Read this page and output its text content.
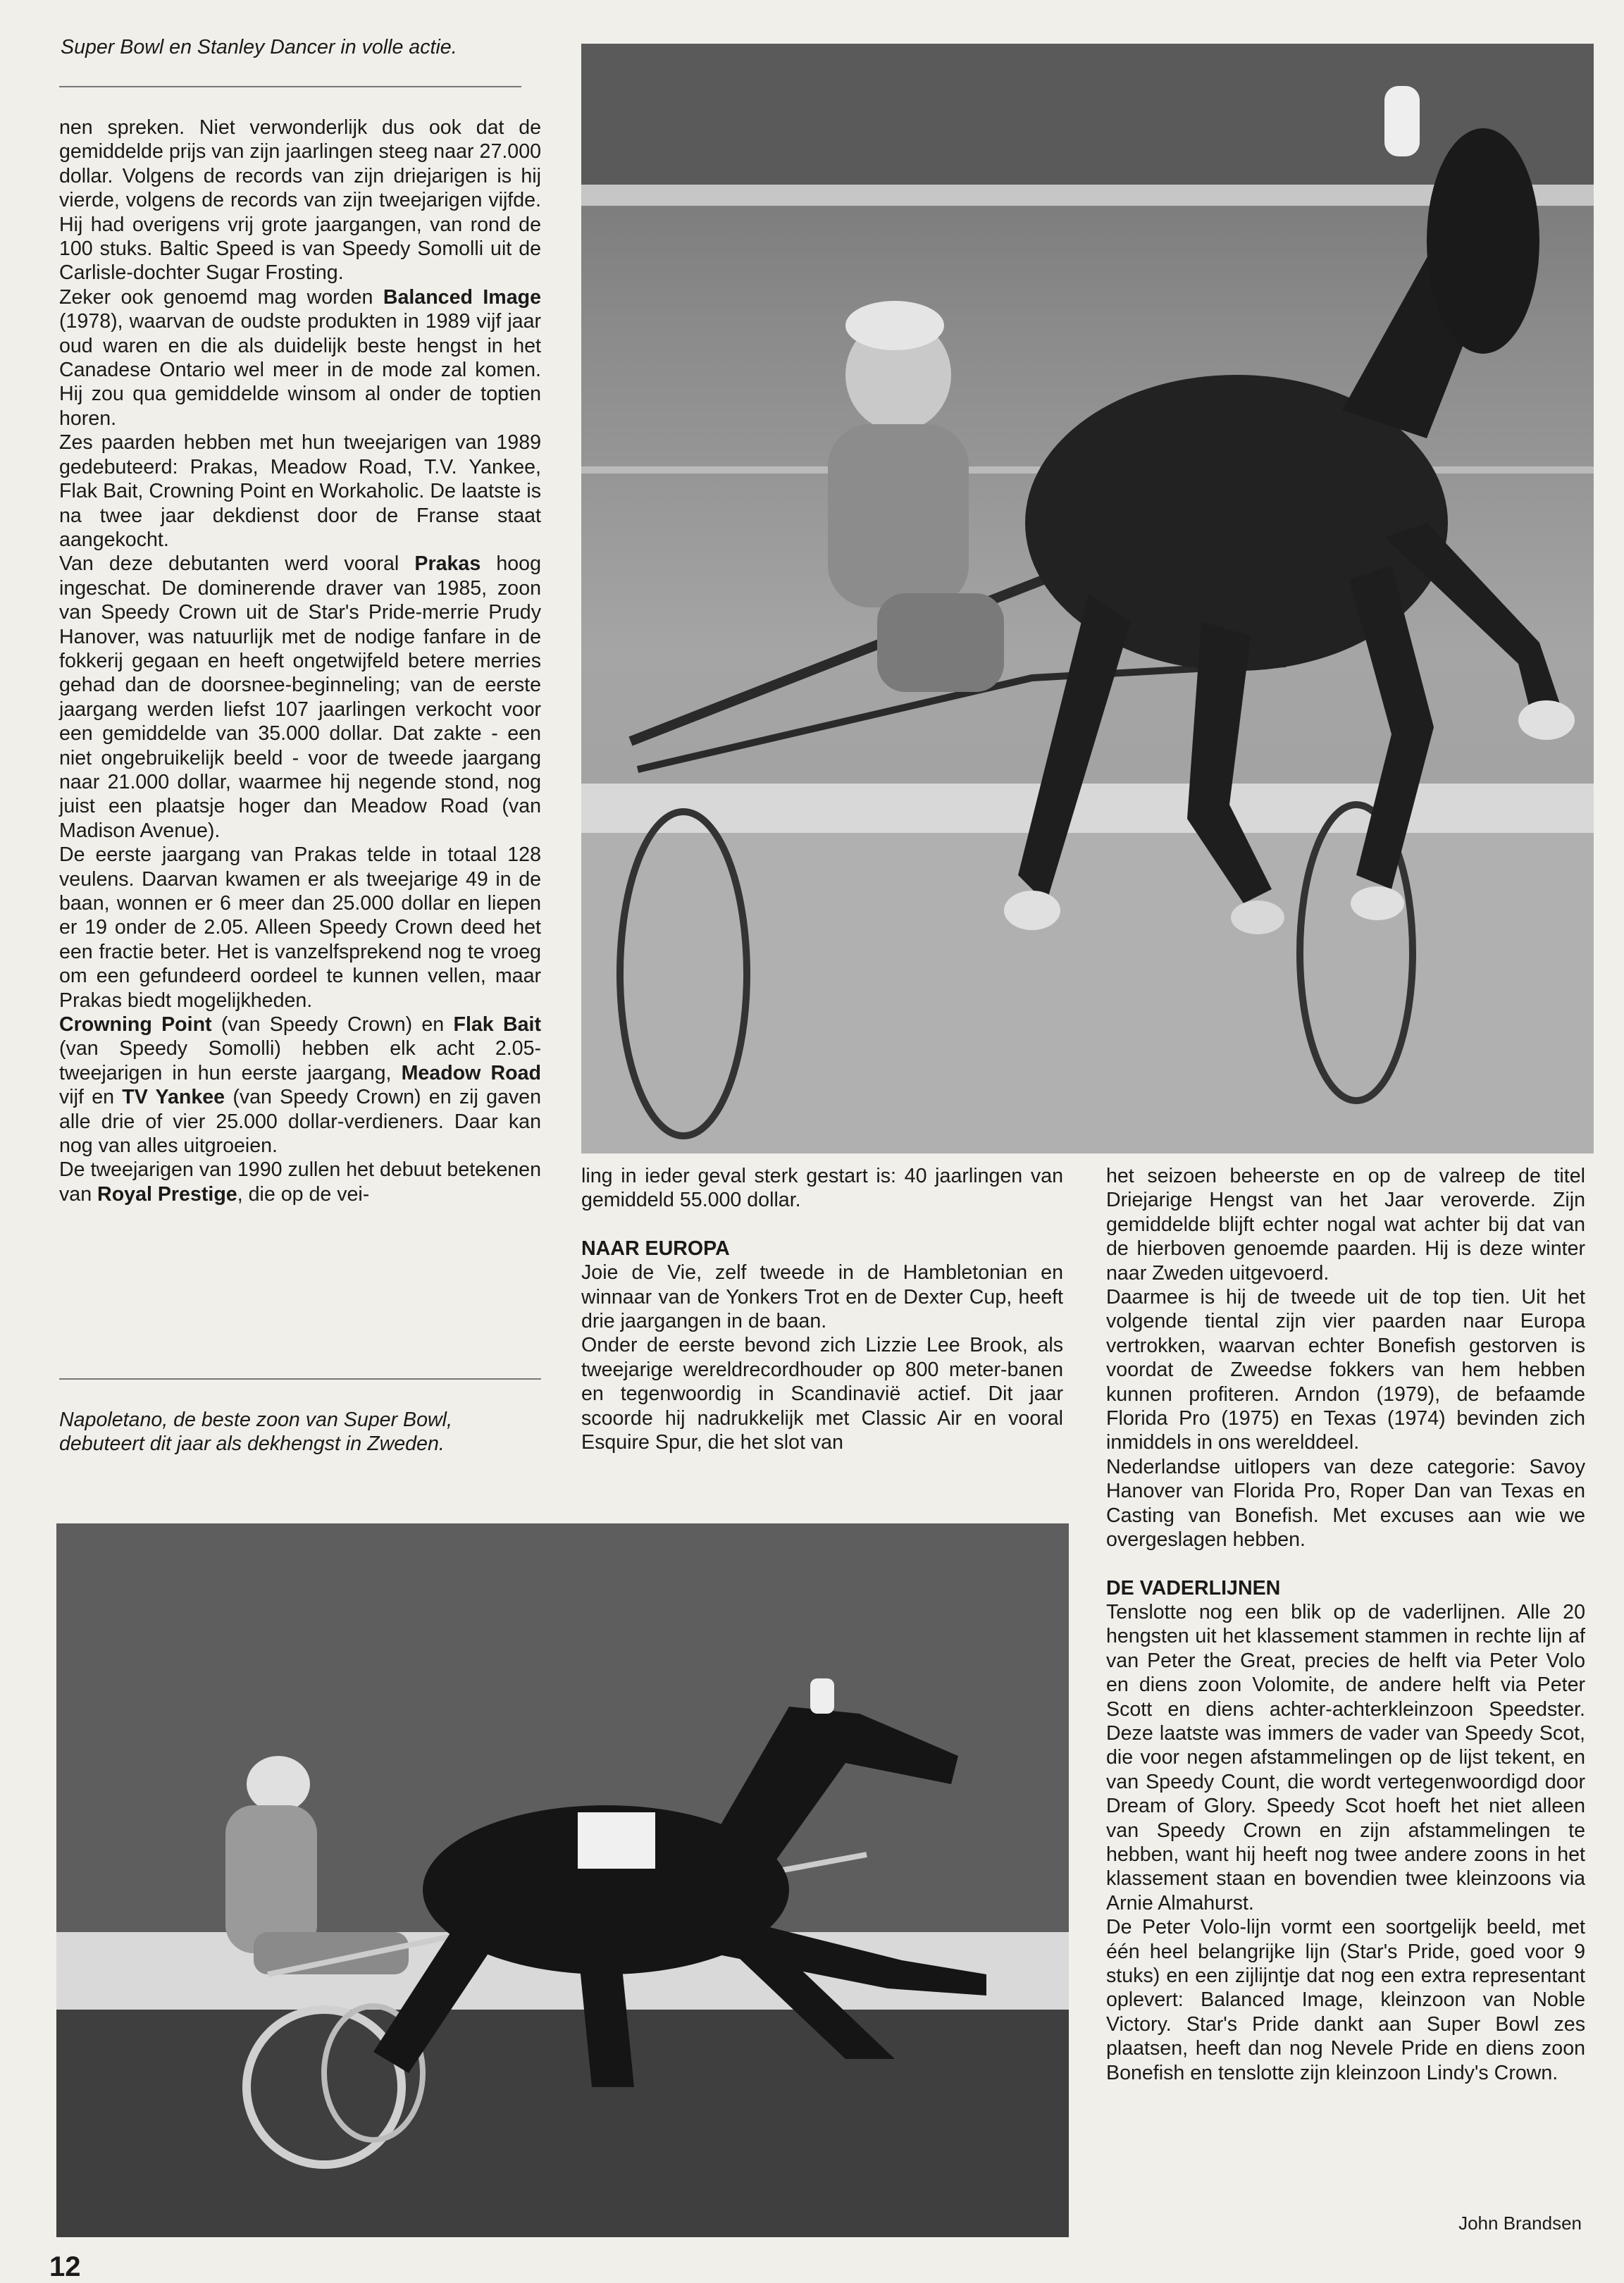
Super Bowl en Stanley Dancer in volle actie.

nen spreken. Niet verwonderlijk dus ook dat de gemiddelde prijs van zijn jaarlingen steeg naar 27.000 dollar. Volgens de records van zijn driejarigen is hij vierde, volgens de records van zijn tweejarigen vijfde. Hij had overigens vrij grote jaargangen, van rond de 100 stuks. Baltic Speed is van Speedy Somolli uit de Carlisle-dochter Sugar Frosting.

Zeker ook genoemd mag worden Balanced Image (1978), waarvan de oudste produkten in 1989 vijf jaar oud waren en die als duidelijk beste hengst in het Canadese Ontario wel meer in de mode zal komen. Hij zou qua gemiddelde winsom al onder de toptien horen.

Zes paarden hebben met hun tweejarigen van 1989 gedebuteerd: Prakas, Meadow Road, T.V. Yankee, Flak Bait, Crowning Point en Workaholic. De laatste is na twee jaar dekdienst door de Franse staat aangekocht.

Van deze debutanten werd vooral Prakas hoog ingeschat. De dominerende draver van 1985, zoon van Speedy Crown uit de Star's Pride-merrie Prudy Hanover, was natuurlijk met de nodige fanfare in de fokkerij gegaan en heeft ongetwijfeld betere merries gehad dan de doorsnee-beginneling; van de eerste jaargang werden liefst 107 jaarlingen verkocht voor een gemiddelde van 35.000 dollar. Dat zakte - een niet ongebruikelijk beeld - voor de tweede jaargang naar 21.000 dollar, waarmee hij negende stond, nog juist een plaatsje hoger dan Meadow Road (van Madison Avenue).

De eerste jaargang van Prakas telde in totaal 128 veulens. Daarvan kwamen er als tweejarige 49 in de baan, wonnen er 6 meer dan 25.000 dollar en liepen er 19 onder de 2.05. Alleen Speedy Crown deed het een fractie beter. Het is vanzelfsprekend nog te vroeg om een gefundeerd oordeel te kunnen vellen, maar Prakas biedt mogelijkheden.

Crowning Point (van Speedy Crown) en Flak Bait (van Speedy Somolli) hebben elk acht 2.05-tweejarigen in hun eerste jaargang, Meadow Road vijf en TV Yankee (van Speedy Crown) en zij gaven alle drie of vier 25.000 dollar-verdieners. Daar kan nog van alles uitgroeien.

De tweejarigen van 1990 zullen het debuut betekenen van Royal Prestige, die op de vei-

Napoletano, de beste zoon van Super Bowl,
debuteert dit jaar als dekhengst in Zweden.

ling in ieder geval sterk gestart is: 40 jaarlingen van gemiddeld 55.000 dollar.

NAAR EUROPA

Joie de Vie, zelf tweede in de Hambletonian en winnaar van de Yonkers Trot en de Dexter Cup, heeft drie jaargangen in de baan.

Onder de eerste bevond zich Lizzie Lee Brook, als tweejarige wereldrecordhouder op 800 meter-banen en tegenwoordig in Scandinavië actief. Dit jaar scoorde hij nadrukkelijk met Classic Air en vooral Esquire Spur, die het slot van

het seizoen beheerste en op de valreep de titel Driejarige Hengst van het Jaar veroverde. Zijn gemiddelde blijft echter nogal wat achter bij dat van de hierboven genoemde paarden. Hij is deze winter naar Zweden uitgevoerd.

Daarmee is hij de tweede uit de top tien. Uit het volgende tiental zijn vier paarden naar Europa vertrokken, waarvan echter Bonefish gestorven is voordat de Zweedse fokkers van hem hebben kunnen profiteren. Arndon (1979), de befaamde Florida Pro (1975) en Texas (1974) bevinden zich inmiddels in ons werelddeel.

Nederlandse uitlopers van deze categorie: Savoy Hanover van Florida Pro, Roper Dan van Texas en Casting van Bonefish. Met excuses aan wie we overgeslagen hebben.

DE VADERLIJNEN

Tenslotte nog een blik op de vaderlijnen. Alle 20 hengsten uit het klassement stammen in rechte lijn af van Peter the Great, precies de helft via Peter Volo en diens zoon Volomite, de andere helft via Peter Scott en diens achter-achterkleinzoon Speedster. Deze laatste was immers de vader van Speedy Scot, die voor negen afstammelingen op de lijst tekent, en van Speedy Count, die wordt vertegenwoordigd door Dream of Glory. Speedy Scot hoeft het niet alleen van Speedy Crown en zijn afstammelingen te hebben, want hij heeft nog twee andere zoons in het klassement staan en bovendien twee kleinzoons via Arnie Almahurst.

De Peter Volo-lijn vormt een soortgelijk beeld, met één heel belangrijke lijn (Star's Pride, goed voor 9 stuks) en een zijlijntje dat nog een extra representant oplevert: Balanced Image, kleinzoon van Noble Victory. Star's Pride dankt aan Super Bowl zes plaatsen, heeft dan nog Nevele Pride en diens zoon Bonefish en tenslotte zijn kleinzoon Lindy's Crown.

John Brandsen
12
